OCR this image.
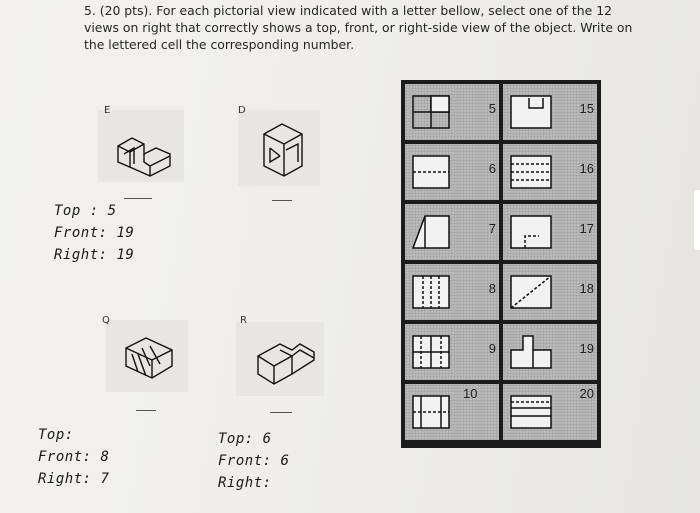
5. (20 pts). For each pictorial view indicated with a letter bellow, select one of the 12 views on right that correctly shows a top, front, or right-side view of the object. Write on the lettered cell the corresponding number.
E	D
Q	R
Top : 5
Front: 19
Right: 19
Top:
Front: 8
Right: 7
Top: 6
Front: 6
Right:
5
6
7
8
9
10
15
16
17
18
19
20
